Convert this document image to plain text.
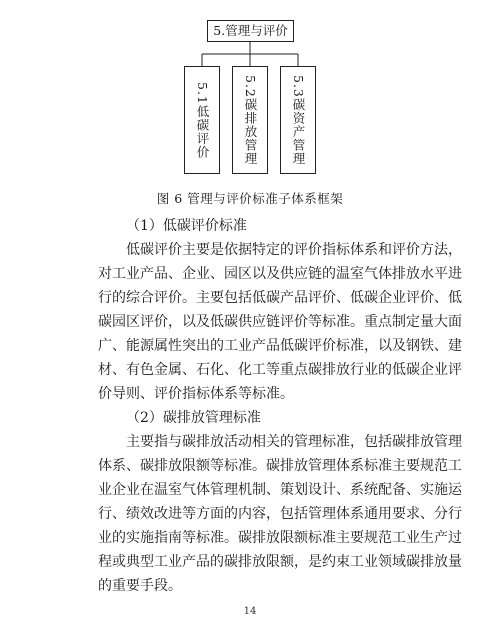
5.管理与评价
5.1低碳评价	5.2碳排放管理	5.3碳资产管理
图 6 管理与评价标准子体系框架
（1）低碳评价标准
低碳评价主要是依据特定的评价指标体系和评价方法，
对工业产品、企业、园区以及供应链的温室气体排放水平进
行的综合评价。主要包括低碳产品评价、低碳企业评价、低
碳园区评价，以及低碳供应链评价等标准。重点制定量大面
广、能源属性突出的工业产品低碳评价标准，以及钢铁、建
材、有色金属、石化、化工等重点碳排放行业的低碳企业评
价导则、评价指标体系等标准。
（2）碳排放管理标准
主要指与碳排放活动相关的管理标准，包括碳排放管理
体系、碳排放限额等标准。碳排放管理体系标准主要规范工
业企业在温室气体管理机制、策划设计、系统配备、实施运
行、绩效改进等方面的内容，包括管理体系通用要求、分行
业的实施指南等标准。碳排放限额标准主要规范工业生产过
程或典型工业产品的碳排放限额，是约束工业领域碳排放量
的重要手段。
14
